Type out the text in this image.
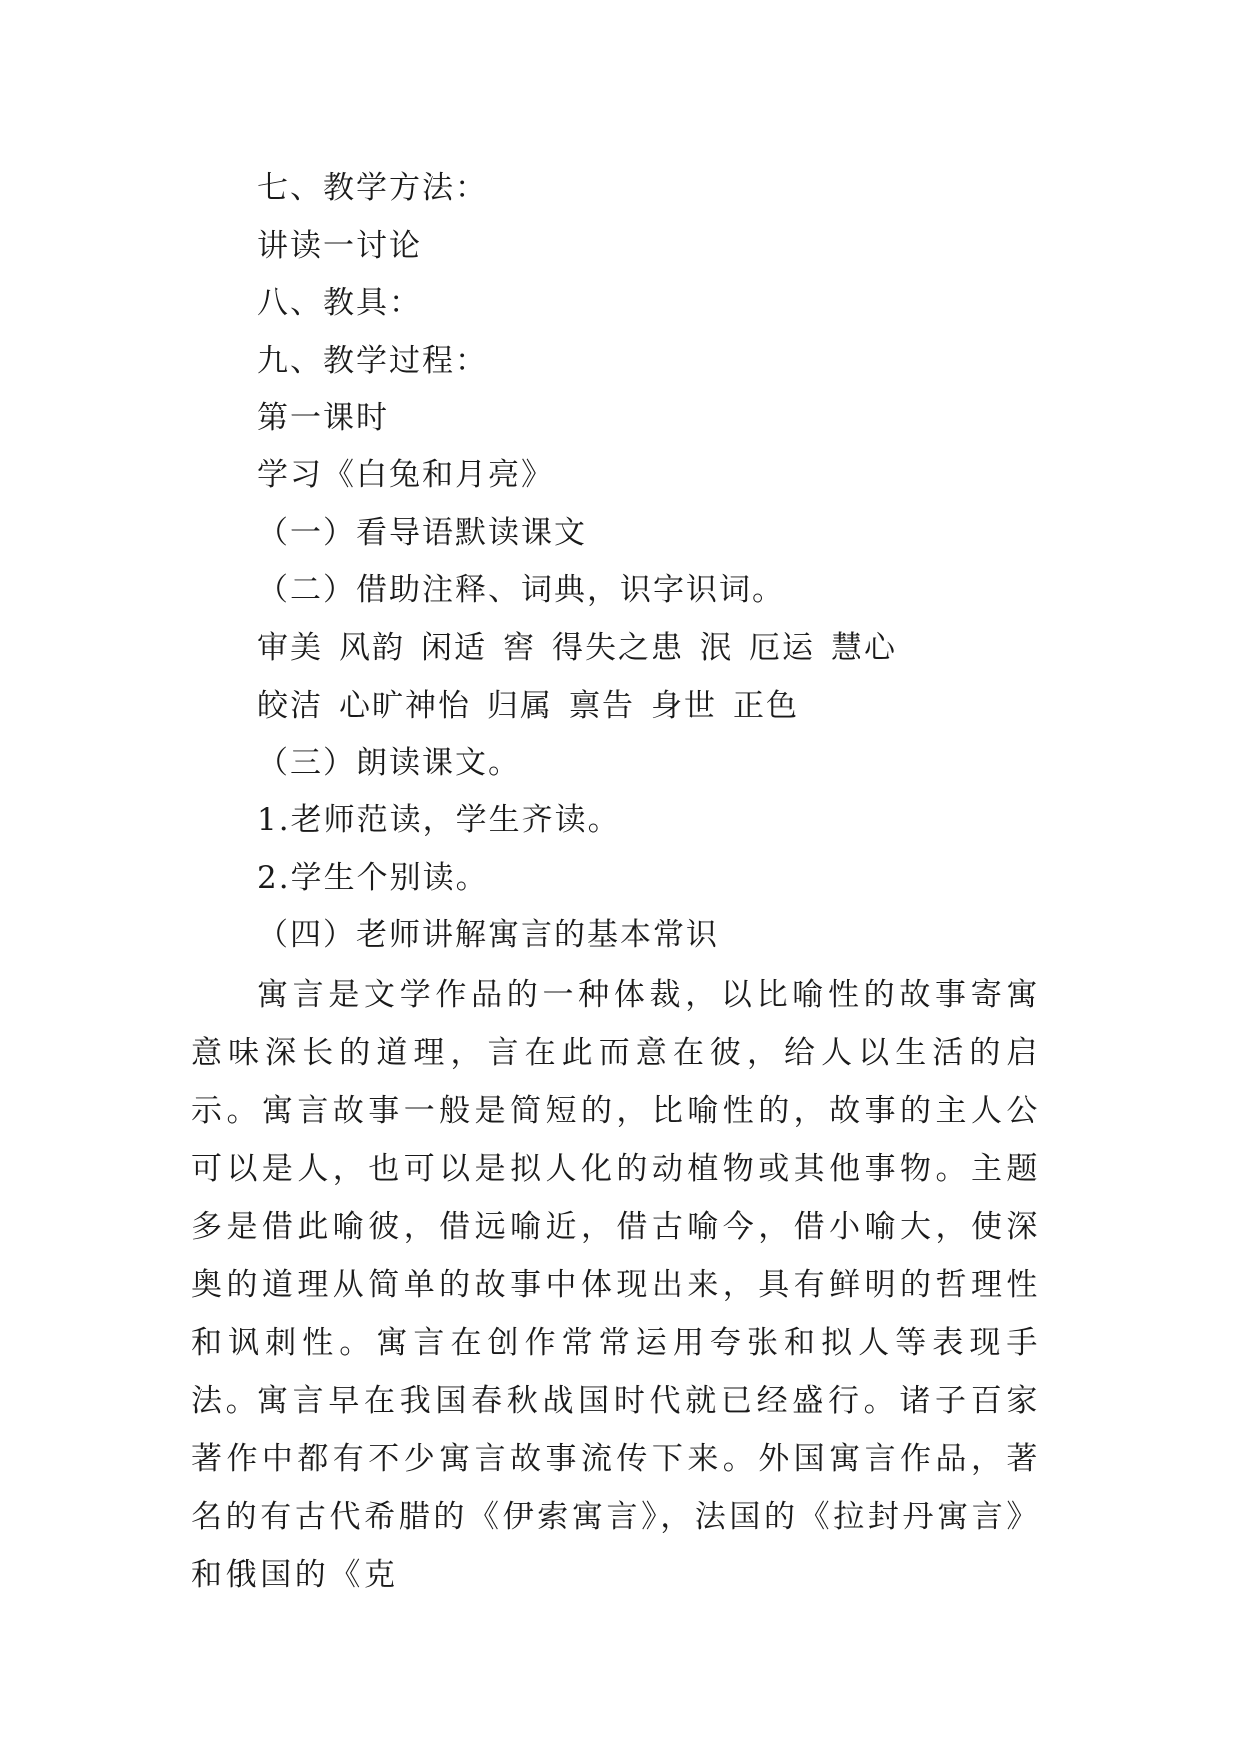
七、教学方法：
讲读一讨论
八、教具：
九、教学过程：
第一课时
学习《白兔和月亮》
（一）看导语默读课文
（二）借助注释、词典，识字识词。
审美 风韵 闲适 窖 得失之患 泯 厄运 慧心
皎洁 心旷神怡 归属 禀告 身世 正色
（三）朗读课文。
1.老师范读，学生齐读。
2.学生个别读。
（四）老师讲解寓言的基本常识

寓言是文学作品的一种体裁，以比喻性的故事寄寓意味深长的道理，言在此而意在彼，给人以生活的启示。寓言故事一般是简短的，比喻性的，故事的主人公可以是人，也可以是拟人化的动植物或其他事物。主题多是借此喻彼，借远喻近，借古喻今，借小喻大，使深奥的道理从简单的故事中体现出来，具有鲜明的哲理性和讽刺性。寓言在创作常常运用夸张和拟人等表现手法。

寓言早在我国春秋战国时代就已经盛行。诸子百家著作中都有不少寓言故事流传下来。外国寓言作品，著名的有古代希腊的《伊索寓言》，法国的《拉封丹寓言》和俄国的《克
